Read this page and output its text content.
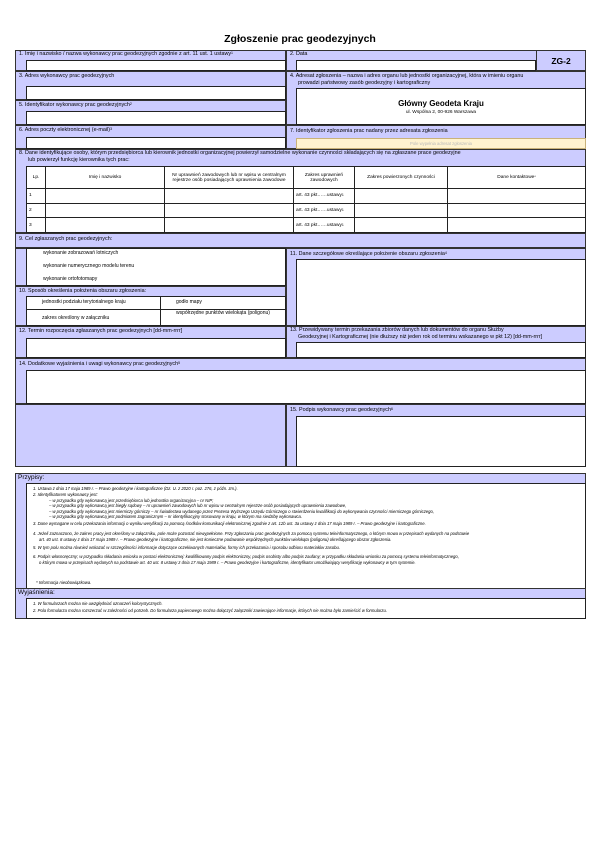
Zgłoszenie prac geodezyjnych
1. Imię i nazwisko / nazwa wykonawcy prac geodezyjnych zgodnie z art. 11 ust. 1 ustawy$^1$	2. Data
ZG-2
3. Adres wykonawcy prac geodezyjnych	4. Adresat zgłoszenia – nazwa i adres organu lub jednostki organizacyjnej, która w imieniu organu
prowadzi państwowy zasób geodezyjny i kartograficzny
Główny Geodeta Kraju
ul. Wspólna 2, 00-926 Warszawa
5. Identyfikator wykonawcy prac geodezyjnych$^2$
6. Adres poczty elektronicznej (e-mail)$^3$	7. Identyfikator zgłoszenia prac nadany przez adresata zgłoszenia
Pole wypełnia adresat zgłoszenia
8. Dane identyfikujące osoby, którym przedsiębiorca lub kierownik jednostki organizacyjnej powierzył samodzielne wykonanie czynności składających się na zgłaszane prace geodezyjne
lub powierzył funkcję kierownika tych prac:
Lp.	Imię i nazwisko	Nr uprawnień zawodowych lub nr wpisu w centralnym rejestrze osób posiadających uprawnienia zawodowe	Zakres uprawnień zawodowych	Zakres powierzonych czynności	Dane kontaktowe*
1			art. 43 pkt……ustawy$^1$		
2			art. 43 pkt……ustawy$^1$		
3			art. 43 pkt……ustawy$^1$		
9. Cel zgłaszanych prac geodezyjnych:
wykonanie zobrazowań lotniczych
wykonanie numerycznego modelu terenu
wykonanie ortofotomapy
10. Sposób określenia położenia obszaru zgłoszenia:
jednostki podziału terytorialnego kraju	godło mapy
zakres określony w załączniku
współrzędne punktów wielokąta (poligonu)
11. Dane szczegółowe określające położenie obszaru zgłoszenia$^4$
12. Termin rozpoczęcia zgłaszanych prac geodezyjnych [dd-mm-rrrr]	13. Przewidywany termin przekazania zbiorów danych lub dokumentów do organu Służby
Geodezyjnej i Kartograficznej (nie dłuższy niż jeden rok od terminu wskazanego w pkt 12) [dd-mm-rrrr]
14. Dodatkowe wyjaśnienia i uwagi wykonawcy prac geodezyjnych$^5$
15. Podpis wykonawcy prac geodezyjnych$^6$
Przypisy:
1. Ustawa z dnia 17 maja 1989 r. – Prawo geodezyjne i kartograficzne (Dz. U. z 2020 r. poz. 276, z późn. zm.).
2. Identyfikatorem wykonawcy jest:
– w przypadku gdy wykonawcą jest przedsiębiorca lub jednostka organizacyjna – nr NIP;
– w przypadku gdy wykonawcą jest biegły sądowy – nr uprawnień zawodowych lub nr wpisu w centralnym rejestrze osób posiadających uprawnienia zawodowe,
– w przypadku gdy wykonawcą jest mierniczy górniczy – nr świadectwa wydanego przez Prezesa Wyższego Urzędu Górniczego o stwierdzeniu kwalifikacji do wykonywania czynności mierniczego górniczego,
– w przypadku gdy wykonawcą jest podmiotem zagranicznym – nr identyfikacyjny stosowany w kraju, w którym ma siedzibę wykonawca.
3. Dane wymagane w celu przekazania informacji o wyniku weryfikacji za pomocą środków komunikacji elektronicznej zgodnie z art. 12b ust. 3a ustawy z dnia 17 maja 1989 r. – Prawo geodezyjne i kartograficzne.
4. Jeżeli zaznaczono, że zakres pracy jest określony w załączniku, pole może pozostać niewypełnione. Przy zgłaszaniu prac geodezyjnych za pomocą systemu teleinformatycznego, o którym mowa w przepisach wydanych na podstawie
art. 40 ust. 8 ustawy z dnia 17 maja 1989 r. – Prawo geodezyjne i kartograficzne, nie jest konieczne podawanie współrzędnych punktów wielokąta (poligonu) określającego obszar zgłoszenia.
5. W tym polu można również wskazać w szczególności informacje dotyczące oczekiwanych materiałów, formy ich przekazania i sposobu odbioru materiałów zasobu.
6. Podpis własnoręczny; w przypadku składania wniosku w postaci elektronicznej: kwalifikowany podpis elektroniczny, podpis osobisty albo podpis zaufany; w przypadku składania wniosku za pomocą systemu teleinformatycznego,
o którym mowa w przepisach wydanych na podstawie art. 40 ust. 8 ustawy z dnia 17 maja 1989 r. – Prawo geodezyjne i kartograficzne, identyfikator umożliwiający weryfikację wykonawcy w tym systemie.
* Informacja nieobowiązkowa.
Wyjaśnienia:
1. W formularzach można nie uwzględniać oznaczeń kolorystycznych.
2. Pola formularza można rozszerzać w zależności od potrzeb. Do formularza papierowego można dołączyć załączniki zawierające informacje, których nie można było zamieścić w formularzu.
